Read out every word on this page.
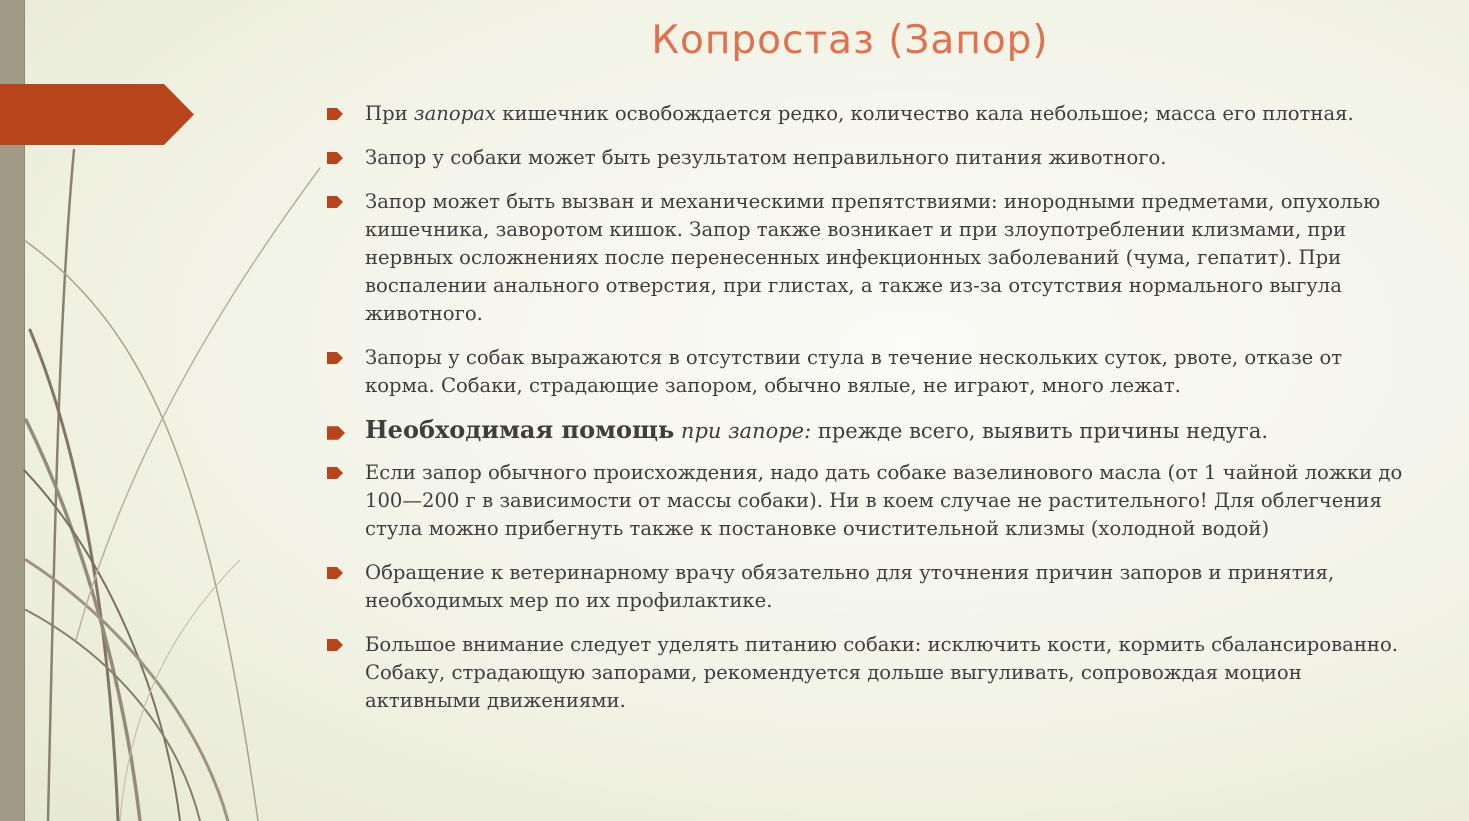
Копростаз (Запор)
При запорах кишечник освобождается редко, количество кала небольшое; масса его плотная.
Запор у собаки может быть результатом неправильного питания животного.
Запор может быть вызван и механическими препятствиями: инородными предметами, опухолью кишечника, заворотом кишок. Запор также возникает и при злоупотреблении клизмами, при нервных осложнениях после перенесенных инфекционных заболеваний (чума, гепатит). При воспалении анального отверстия, при глистах, а также из-за отсутствия нормального выгула животного.
Запоры у собак выражаются в отсутствии стула в течение нескольких суток, рвоте, отказе от корма. Собаки, страдающие запором, обычно вялые, не играют, много лежат.
Необходимая помощь при запоре: прежде всего, выявить причины недуга.
Если запор обычного происхождения, надо дать собаке вазелинового масла (от 1 чайной ложки до 100—200 г в зависимости от массы собаки). Ни в коем случае не растительного! Для облегчения стула можно прибегнуть также к постановке очистительной клизмы (холодной водой)
Обращение к ветеринарному врачу обязательно для уточнения причин запоров и принятия, необходимых мер по их профилактике.
Большое внимание следует уделять питанию собаки: исключить кости, кормить сбалансированно. Собаку, страдающую запорами, рекомендуется дольше выгуливать, сопровождая моцион активными движениями.
